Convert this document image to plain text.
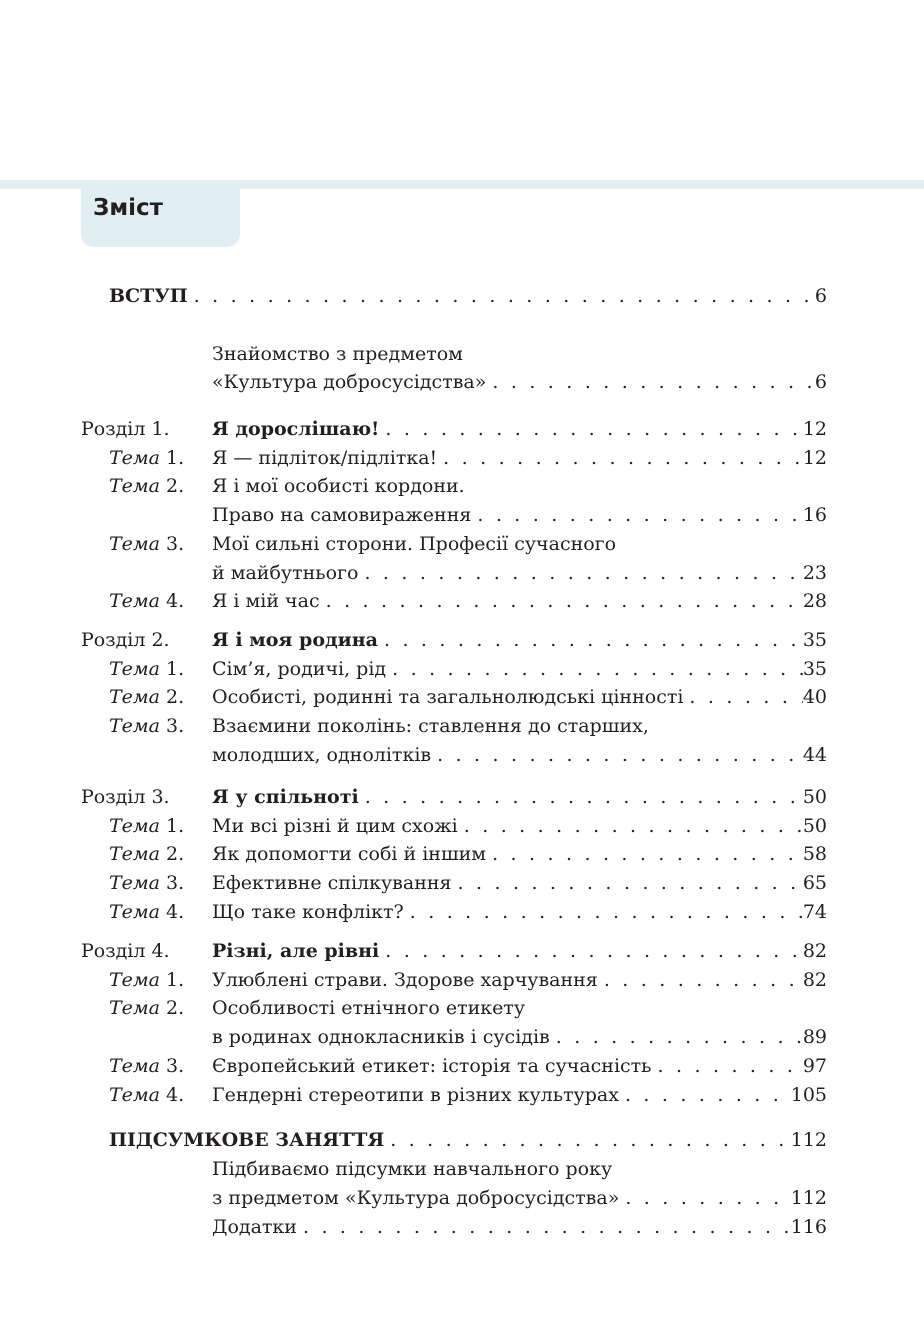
Зміст
ВСТУП . . .	6
Знайомство з предметом
«Культура добросусідства» . . .	6
Розділ 1. Я дорослішаю! . . .	12
Тема 1. Я — підліток/підлітка! . . .	12
Тема 2. Я і мої особисті кордони.
Право на самовираження . . .	16
Тема 3. Мої сильні сторони. Професії сучасного
й майбутнього . . .	23
Тема 4. Я і мій час . . .	28
Розділ 2. Я і моя родина . . .	35
Тема 1. Сім’я, родичі, рід . . .	35
Тема 2. Особисті, родинні та загальнолюдські цінності . . .	40
Тема 3. Взаємини поколінь: ставлення до старших,
молодших, однолітків . . .	44
Розділ 3. Я у спільноті . . .	50
Тема 1. Ми всі різні й цим схожі . . .	50
Тема 2. Як допомогти собі й іншим . . .	58
Тема 3. Ефективне спілкування . . .	65
Тема 4. Що таке конфлікт? . . .	74
Розділ 4. Різні, але рівні . . .	82
Тема 1. Улюблені страви. Здорове харчування . . .	82
Тема 2. Особливості етнічного етикету
в родинах однокласників і сусідів . . .	89
Тема 3. Європейський етикет: історія та сучасність . . .	97
Тема 4. Гендерні стереотипи в різних культурах . . .	105
ПІДСУМКОВЕ ЗАНЯТТЯ . . .	112
Підбиваємо підсумки навчального року
з предметом «Культура добросусідства» . . .	112
Додатки . . .	116
